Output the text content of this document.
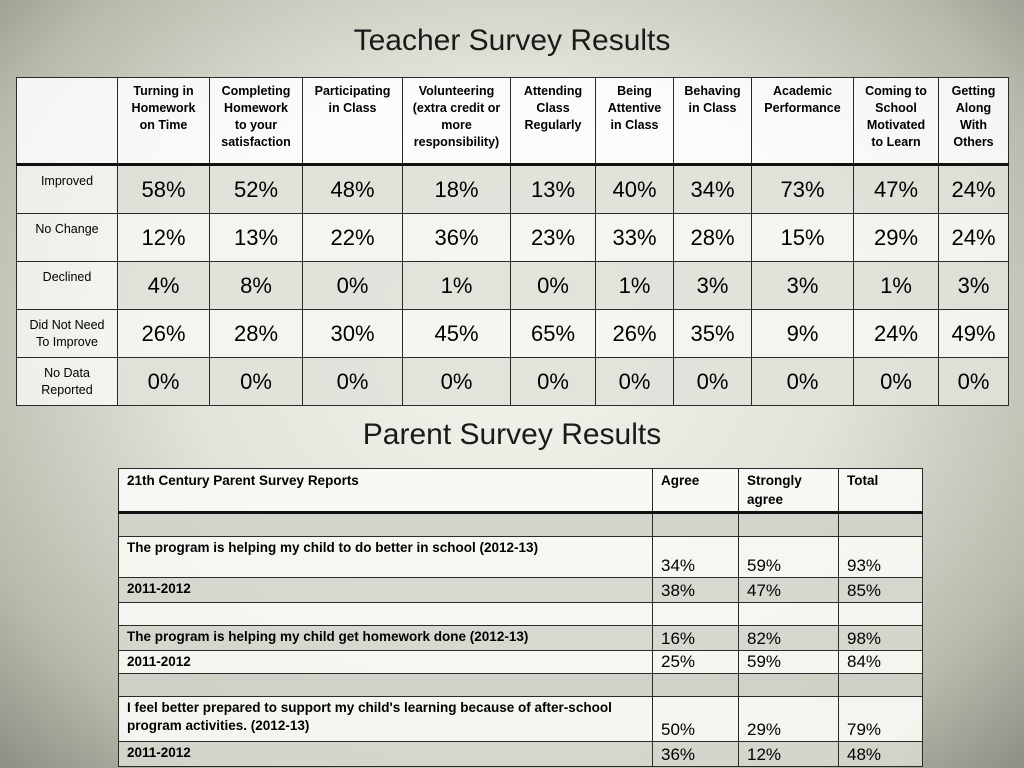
Teacher Survey Results
	Turning in
Homework
on Time	Completing
Homework
to your
satisfaction	Participating
in Class	Volunteering
(extra credit or
more
responsibility)	Attending
Class
Regularly	Being
Attentive
in Class	Behaving
in Class	Academic
Performance	Coming to
School
Motivated
to Learn	Getting
Along
With
Others
Improved	58%	52%	48%	18%	13%	40%	34%	73%	47%	24%
No Change	12%	13%	22%	36%	23%	33%	28%	15%	29%	24%
Declined	4%	8%	0%	1%	0%	1%	3%	3%	1%	3%
Did Not Need
To Improve	26%	28%	30%	45%	65%	26%	35%	9%	24%	49%
No Data
Reported	0%	0%	0%	0%	0%	0%	0%	0%	0%	0%
Parent Survey Results
21th Century Parent Survey Reports	Agree	Strongly
agree	Total

The program is helping my child to do better in school (2012-13)	34%	59%	93%
2011-2012	38%	47%	85%

The program is helping my child get homework done (2012-13)	16%	82%	98%
2011-2012	25%	59%	84%

I feel better prepared to support my child's learning because of after-school program activities. (2012-13)	50%	29%	79%
2011-2012	36%	12%	48%
